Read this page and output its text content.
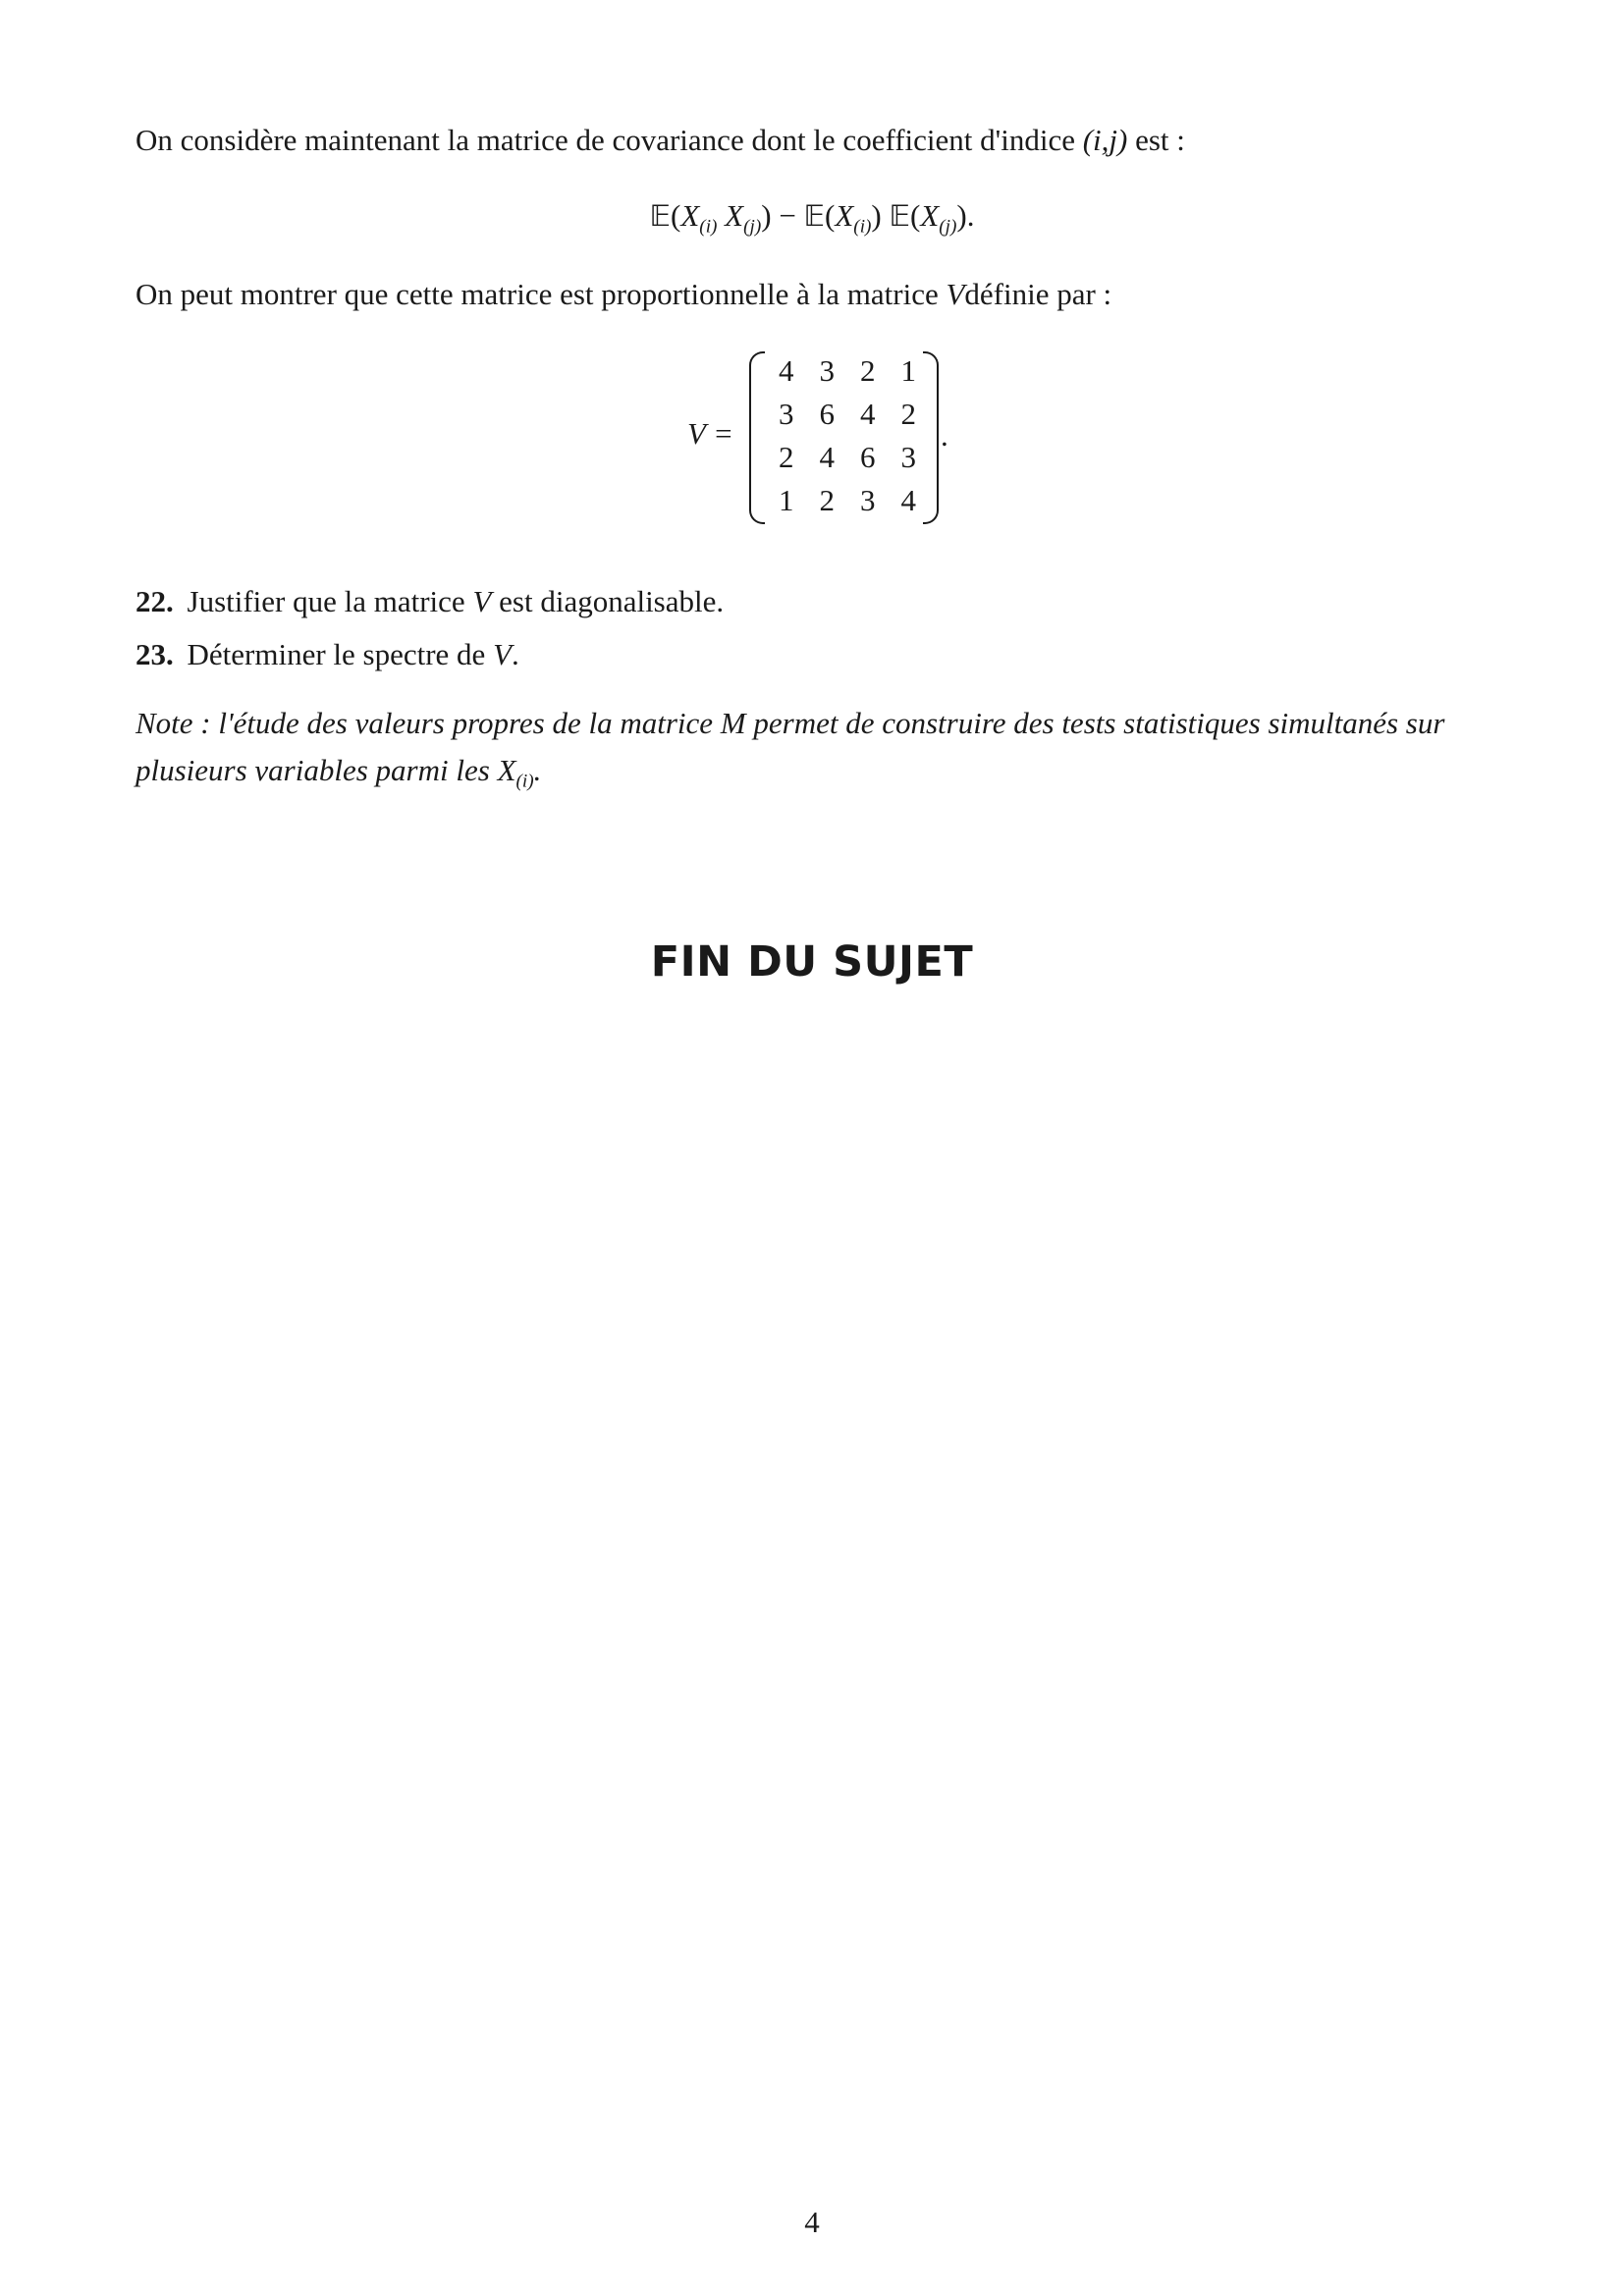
On considère maintenant la matrice de covariance dont le coefficient d'indice (i,j) est :
$𝔼(X_{(i)}$ $X_{(j)}$) − $𝔼(X_{(i)})$ $𝔼(X_{(j)})$.
On peut montrer que cette matrice est proportionnelle à la matrice Vdéfinie par :
V =
4 3 2 1
3 6 4 2
2 4 6 3
1 2 3 4
.
22. Justifier que la matrice V est diagonalisable.
23. Déterminer le spectre de V.
Note : l'étude des valeurs propres de la matrice M permet de construire des tests statistiques simultanés sur
plusieurs variables parmi les $X_{(i)}$.
FIN DU SUJET
4
